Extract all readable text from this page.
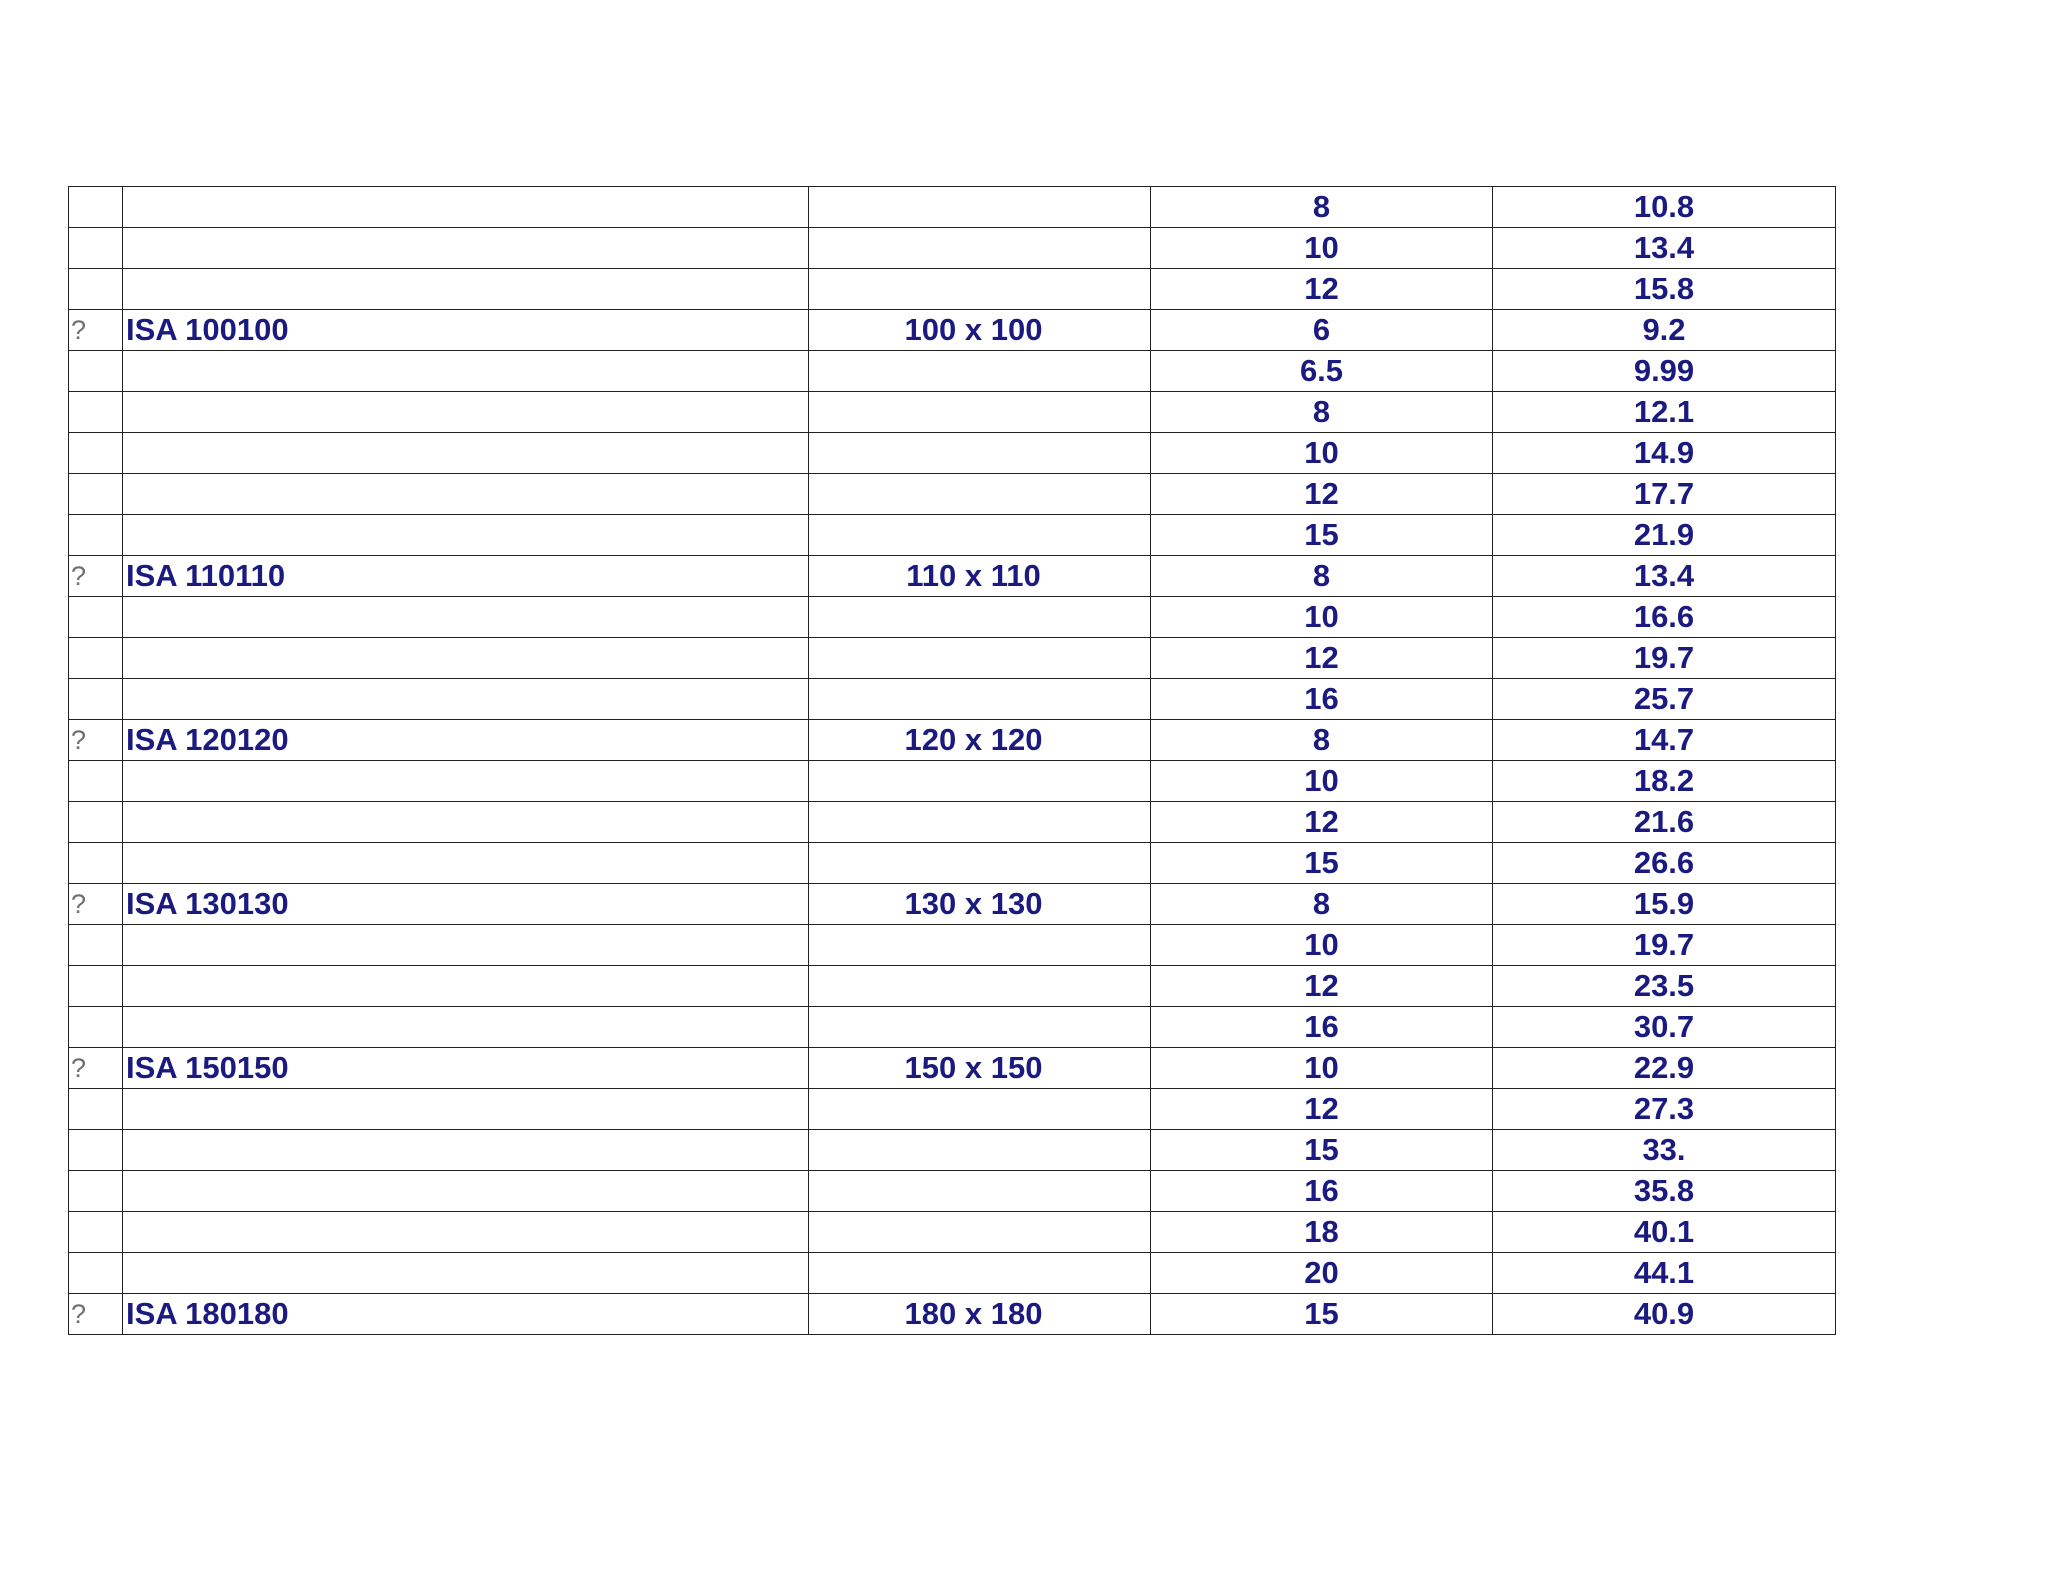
			8	10.8
			10	13.4
			12	15.8
?	ISA 100100	100 x 100	6	9.2
			6.5	9.99
			8	12.1
			10	14.9
			12	17.7
			15	21.9
?	ISA 110110	110 x 110	8	13.4
			10	16.6
			12	19.7
			16	25.7
?	ISA 120120	120 x 120	8	14.7
			10	18.2
			12	21.6
			15	26.6
?	ISA 130130	130 x 130	8	15.9
			10	19.7
			12	23.5
			16	30.7
?	ISA 150150	150 x 150	10	22.9
			12	27.3
			15	33.
			16	35.8
			18	40.1
			20	44.1
?	ISA 180180	180 x 180	15	40.9
